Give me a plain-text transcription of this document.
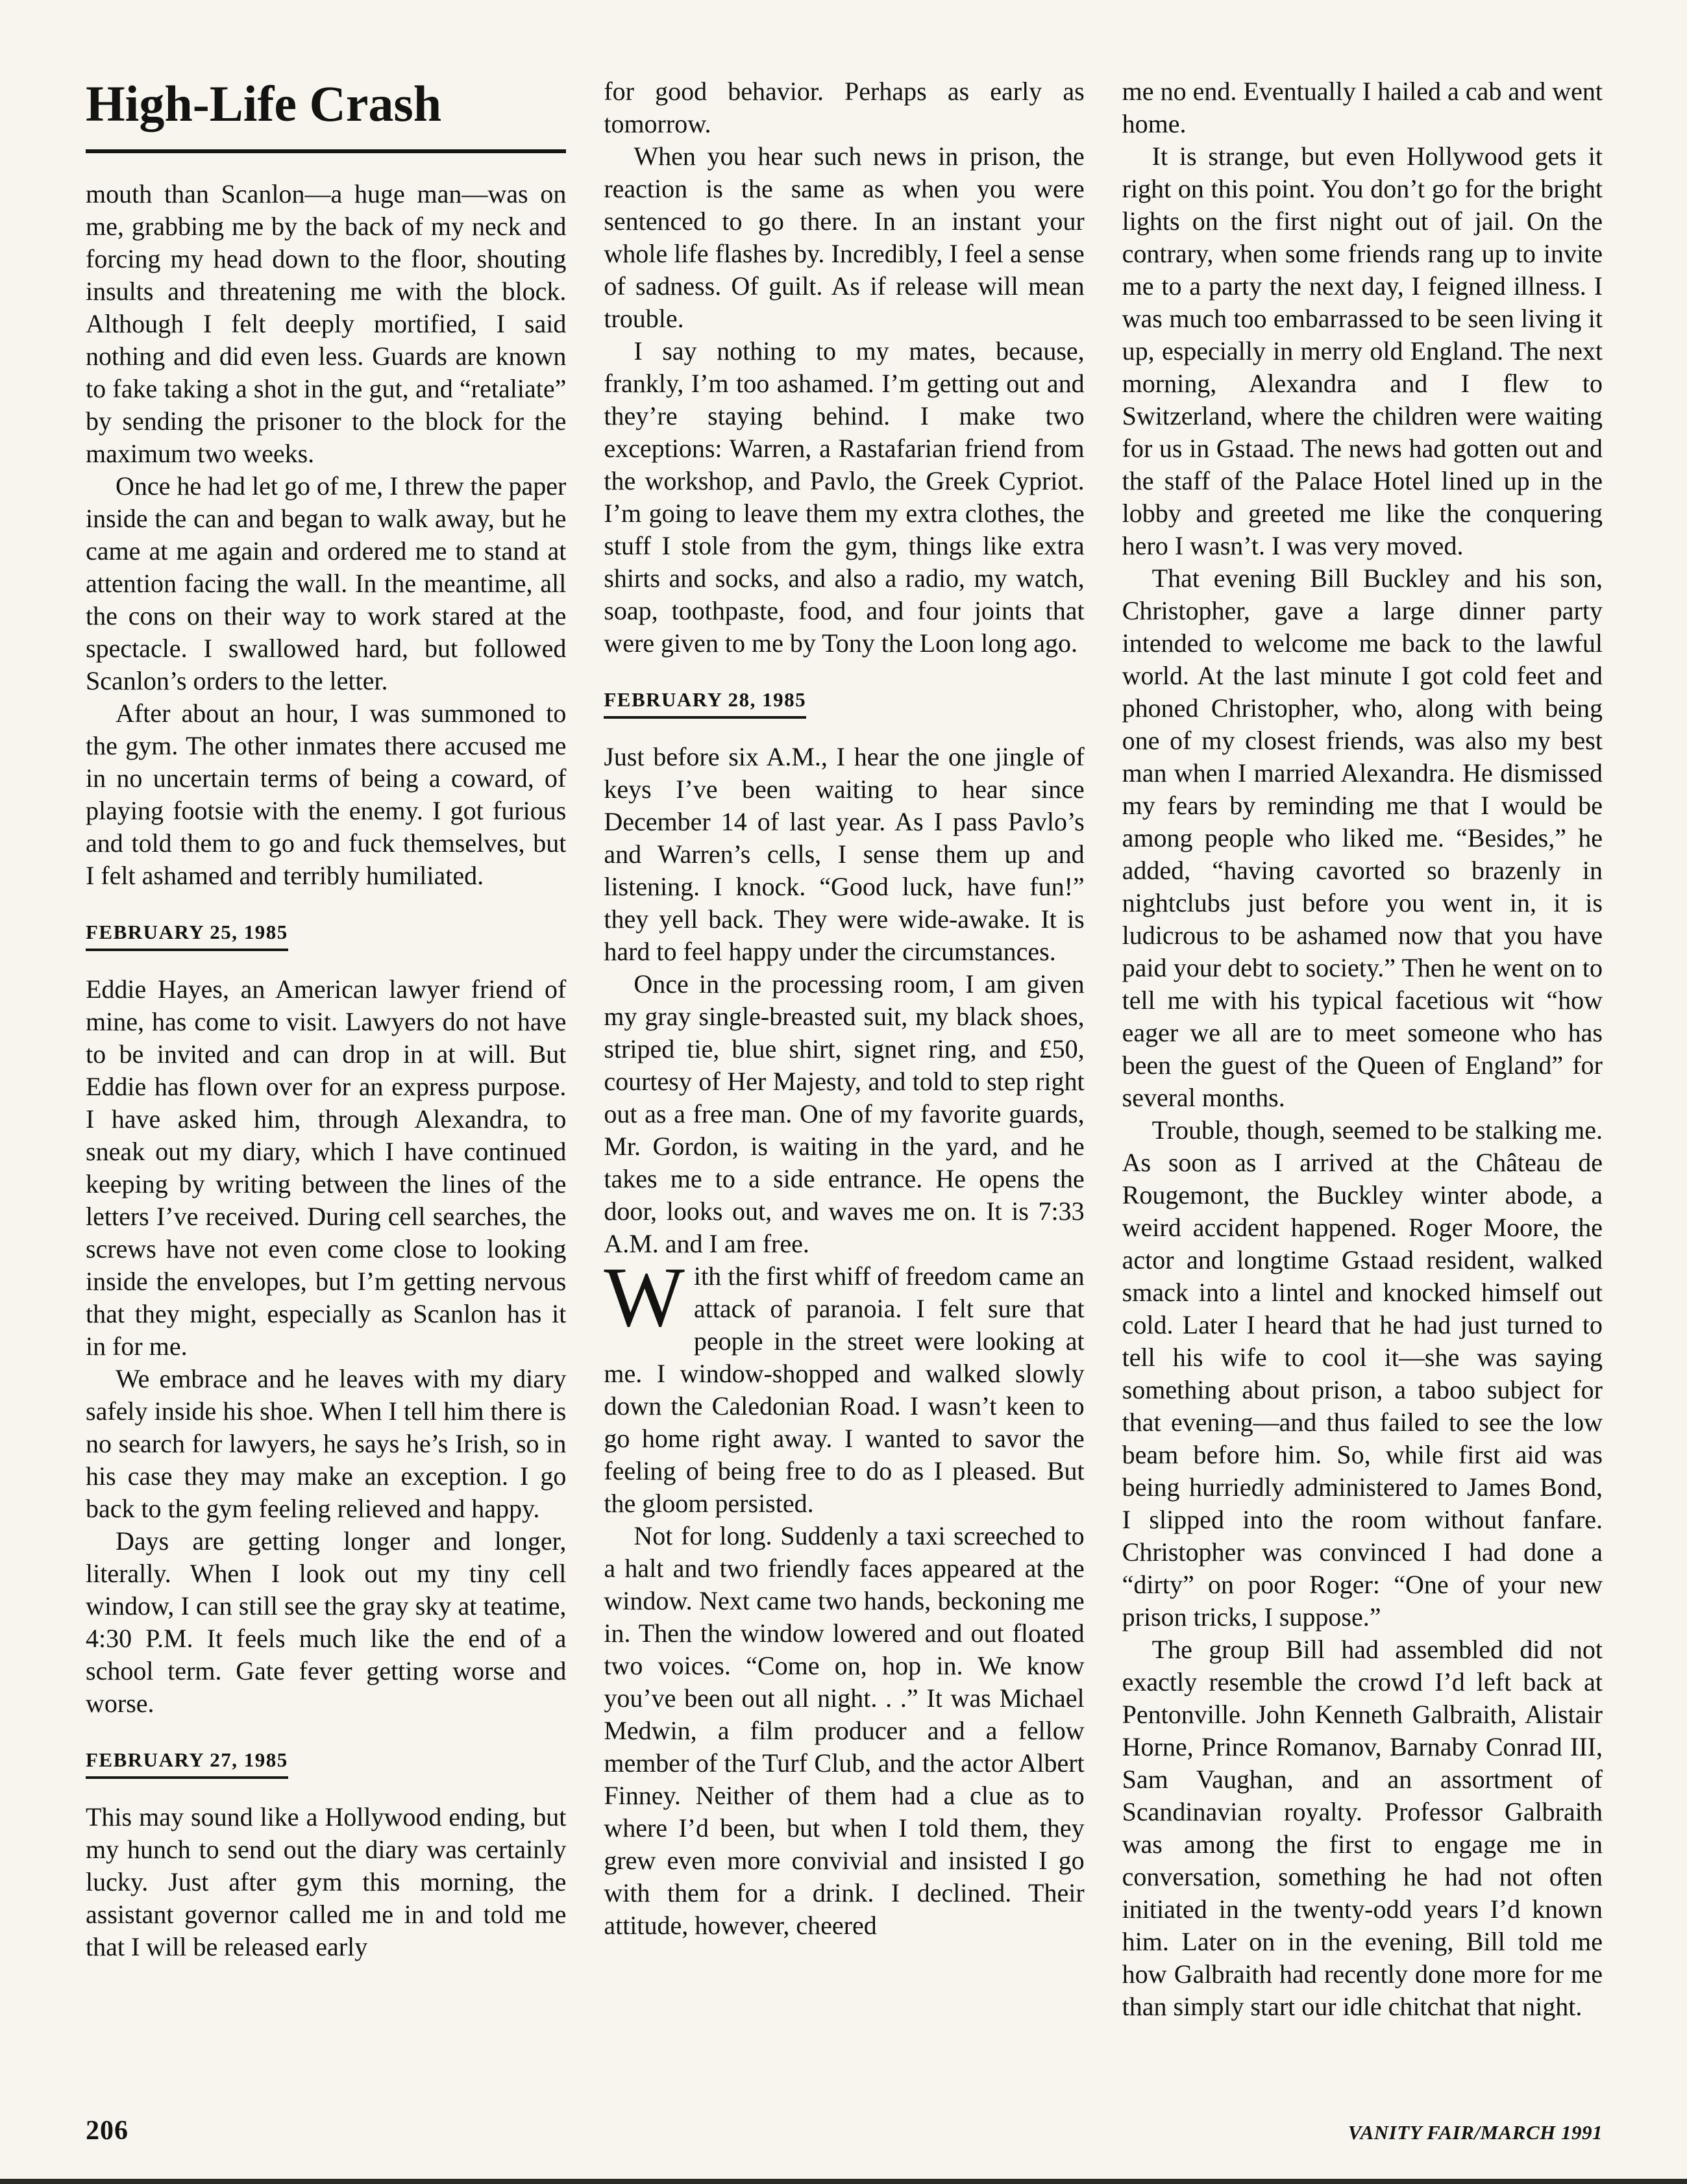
High-Life Crash

mouth than Scanlon—a huge man—was on me, grabbing me by the back of my neck and forcing my head down to the floor, shouting insults and threatening me with the block. Although I felt deeply mortified, I said nothing and did even less. Guards are known to fake taking a shot in the gut, and “retaliate” by sending the prisoner to the block for the maximum two weeks.

Once he had let go of me, I threw the paper inside the can and began to walk away, but he came at me again and ordered me to stand at attention facing the wall. In the meantime, all the cons on their way to work stared at the spectacle. I swallowed hard, but followed Scanlon’s orders to the letter.

After about an hour, I was summoned to the gym. The other inmates there accused me in no uncertain terms of being a coward, of playing footsie with the enemy. I got furious and told them to go and fuck themselves, but I felt ashamed and terribly humiliated.

FEBRUARY 25, 1985

Eddie Hayes, an American lawyer friend of mine, has come to visit. Lawyers do not have to be invited and can drop in at will. But Eddie has flown over for an express purpose. I have asked him, through Alexandra, to sneak out my diary, which I have continued keeping by writing between the lines of the letters I’ve received. During cell searches, the screws have not even come close to looking inside the envelopes, but I’m getting nervous that they might, especially as Scanlon has it in for me.

We embrace and he leaves with my diary safely inside his shoe. When I tell him there is no search for lawyers, he says he’s Irish, so in his case they may make an exception. I go back to the gym feeling relieved and happy.

Days are getting longer and longer, literally. When I look out my tiny cell window, I can still see the gray sky at teatime, 4:30 P.M. It feels much like the end of a school term. Gate fever getting worse and worse.

FEBRUARY 27, 1985

This may sound like a Hollywood ending, but my hunch to send out the diary was certainly lucky. Just after gym this morning, the assistant governor called me in and told me that I will be released early

for good behavior. Perhaps as early as tomorrow.

When you hear such news in prison, the reaction is the same as when you were sentenced to go there. In an instant your whole life flashes by. Incredibly, I feel a sense of sadness. Of guilt. As if release will mean trouble.

I say nothing to my mates, because, frankly, I’m too ashamed. I’m getting out and they’re staying behind. I make two exceptions: Warren, a Rastafarian friend from the workshop, and Pavlo, the Greek Cypriot. I’m going to leave them my extra clothes, the stuff I stole from the gym, things like extra shirts and socks, and also a radio, my watch, soap, toothpaste, food, and four joints that were given to me by Tony the Loon long ago.

FEBRUARY 28, 1985

Just before six A.M., I hear the one jingle of keys I’ve been waiting to hear since December 14 of last year. As I pass Pavlo’s and Warren’s cells, I sense them up and listening. I knock. “Good luck, have fun!” they yell back. They were wide-awake. It is hard to feel happy under the circumstances.

Once in the processing room, I am given my gray single-breasted suit, my black shoes, striped tie, blue shirt, signet ring, and £50, courtesy of Her Majesty, and told to step right out as a free man. One of my favorite guards, Mr. Gordon, is waiting in the yard, and he takes me to a side entrance. He opens the door, looks out, and waves me on. It is 7:33 A.M. and I am free.

With the first whiff of freedom came an attack of paranoia. I felt sure that people in the street were looking at me. I window-shopped and walked slowly down the Caledonian Road. I wasn’t keen to go home right away. I wanted to savor the feeling of being free to do as I pleased. But the gloom persisted.

Not for long. Suddenly a taxi screeched to a halt and two friendly faces appeared at the window. Next came two hands, beckoning me in. Then the window lowered and out floated two voices. “Come on, hop in. We know you’ve been out all night. . .” It was Michael Medwin, a film producer and a fellow member of the Turf Club, and the actor Albert Finney. Neither of them had a clue as to where I’d been, but when I told them, they grew even more convivial and insisted I go with them for a drink. I declined. Their attitude, however, cheered

me no end. Eventually I hailed a cab and went home.

It is strange, but even Hollywood gets it right on this point. You don’t go for the bright lights on the first night out of jail. On the contrary, when some friends rang up to invite me to a party the next day, I feigned illness. I was much too embarrassed to be seen living it up, especially in merry old England. The next morning, Alexandra and I flew to Switzerland, where the children were waiting for us in Gstaad. The news had gotten out and the staff of the Palace Hotel lined up in the lobby and greeted me like the conquering hero I wasn’t. I was very moved.

That evening Bill Buckley and his son, Christopher, gave a large dinner party intended to welcome me back to the lawful world. At the last minute I got cold feet and phoned Christopher, who, along with being one of my closest friends, was also my best man when I married Alexandra. He dismissed my fears by reminding me that I would be among people who liked me. “Besides,” he added, “having cavorted so brazenly in nightclubs just before you went in, it is ludicrous to be ashamed now that you have paid your debt to society.” Then he went on to tell me with his typical facetious wit “how eager we all are to meet someone who has been the guest of the Queen of England” for several months.

Trouble, though, seemed to be stalking me. As soon as I arrived at the Château de Rougemont, the Buckley winter abode, a weird accident happened. Roger Moore, the actor and longtime Gstaad resident, walked smack into a lintel and knocked himself out cold. Later I heard that he had just turned to tell his wife to cool it—she was saying something about prison, a taboo subject for that evening—and thus failed to see the low beam before him. So, while first aid was being hurriedly administered to James Bond, I slipped into the room without fanfare. Christopher was convinced I had done a “dirty” on poor Roger: “One of your new prison tricks, I suppose.”

The group Bill had assembled did not exactly resemble the crowd I’d left back at Pentonville. John Kenneth Galbraith, Alistair Horne, Prince Romanov, Barnaby Conrad III, Sam Vaughan, and an assortment of Scandinavian royalty. Professor Galbraith was among the first to engage me in conversation, something he had not often initiated in the twenty-odd years I’d known him. Later on in the evening, Bill told me how Galbraith had recently done more for me than simply start our idle chitchat that night.

206	VANITY FAIR/MARCH 1991
